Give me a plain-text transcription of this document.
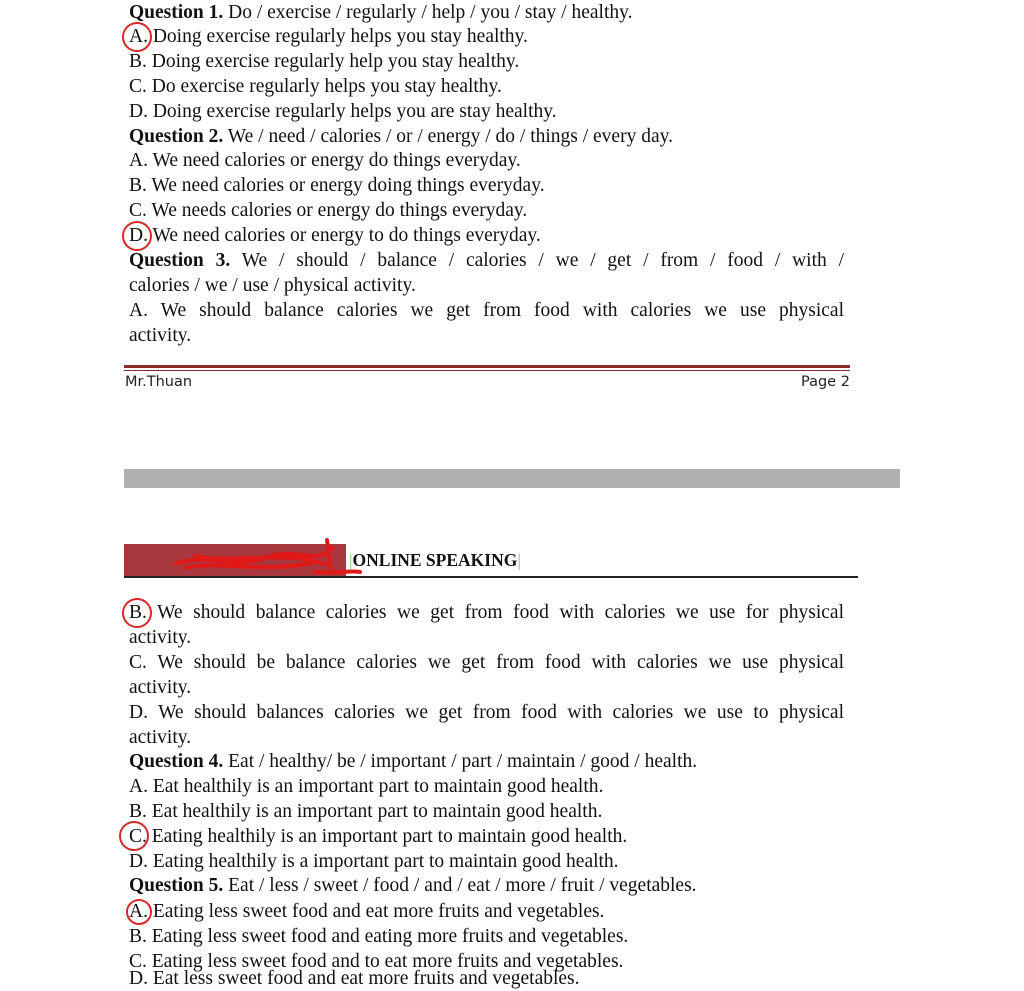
Question 1. Do / exercise / regularly / help / you / stay / healthy.
A. Doing exercise regularly helps you stay healthy.
B. Doing exercise regularly help you stay healthy.
C. Do exercise regularly helps you stay healthy.
D. Doing exercise regularly helps you are stay healthy.
Question 2. We / need / calories / or / energy / do / things / every day.
A. We need calories or energy do things everyday.
B. We need calories or energy doing things everyday.
C. We needs calories or energy do things everyday.
D. We need calories or energy to do things everyday.
Question 3. We / should / balance / calories / we / get / from / food / with /
calories / we / use / physical activity.
A. We should balance calories we get from food with calories we use physical
activity.
Mr.Thuan	Page 2
|ONLINE SPEAKING|
B. We should balance calories we get from food with calories we use for physical
activity.
C. We should be balance calories we get from food with calories we use physical
activity.
D. We should balances calories we get from food with calories we use to physical
activity.
Question 4. Eat / healthy/ be / important / part / maintain / good / health.
A. Eat healthily is an important part to maintain good health.
B. Eat healthily is an important part to maintain good health.
C. Eating healthily is an important part to maintain good health.
D. Eating healthily is a important part to maintain good health.
Question 5. Eat / less / sweet / food / and / eat / more / fruit / vegetables.
A. Eating less sweet food and eat more fruits and vegetables.
B. Eating less sweet food and eating more fruits and vegetables.
C. Eating less sweet food and to eat more fruits and vegetables.
D. Eat less sweet food and eat more fruits and vegetables.
